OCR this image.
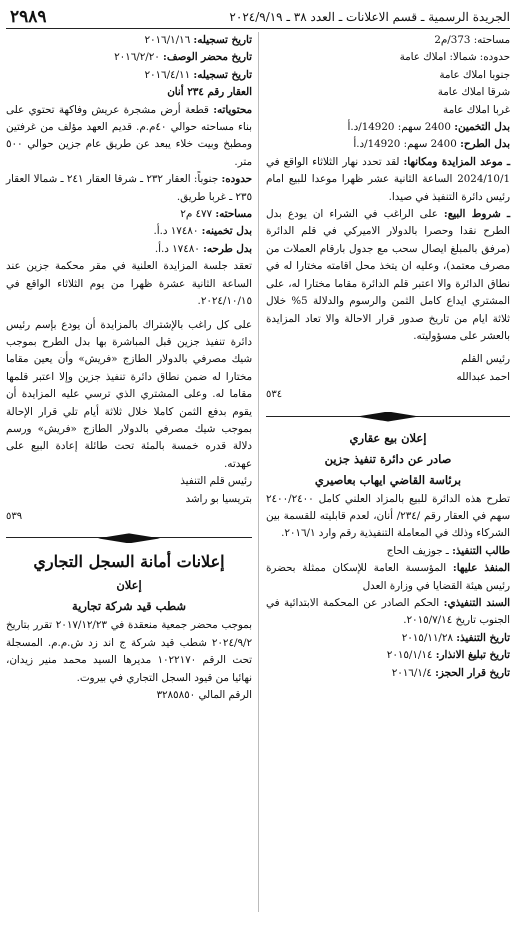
الجريدة الرسمية ـ قسم الاعلانات ـ العدد ٣٨ ـ ٢٠٢٤/٩/١٩
٢٩٨٩

مساحته: 373/م2

حدوده: شمالا: املاك عامة

جنوبا املاك عامة

شرقا املاك عامة

غربا املاك عامة

بدل التخمين: 2400 سهم: 14920/د.أ

بدل الطرح: 2400 سهم: 14920/د.أ

ـ موعد المزايدة ومكانها: لقد تحدد نهار الثلاثاء الواقع في 2024/10/1 الساعة الثانية عشر ظهرا موعدا للبيع امام رئيس دائرة التنفيذ في صيدا.

ـ شروط البيع: على الراغب في الشراء ان يودع بدل الطرح نقدا وحصرا بالدولار الاميركي في قلم الدائرة (مرفق بالمبلغ ايصال سحب مع جدول بارقام العملات من مصرف معتمد)، وعليه ان يتخذ محل اقامته مختارا له في نطاق الدائرة والا اعتبر قلم الدائرة مقاما مختارا له، على المشتري ايداع كامل الثمن والرسوم والدلالة 5% خلال ثلاثة ايام من تاريخ صدور قرار الاحالة والا تعاد المزايدة بالعشر على مسؤوليته.

رئيس القلم

احمد عبدالله

٥٣٤

إعلان بيع عقاري

صادر عن دائرة تنفيذ جزين

برئاسة القاضي ايهاب بعاصيري

تطرح هذه الدائرة للبيع بالمزاد العلني كامل ٢٤٠٠/٢٤٠٠ سهم في العقار رقم /٢٣٤/ أنان، لعدم قابليته للقسمة بين الشركاء وذلك في المعاملة التنفيذية رقم وارد ٢٠١٦/١.

طالب التنفيذ: ـ جوزيف الحاج

المنفذ عليها: المؤسسة العامة للإسكان ممثلة بحضرة رئيس هيئة القضايا في وزارة العدل

السند التنفيذي: الحكم الصادر عن المحكمة الابتدائية في الجنوب تاريخ ٢٠١٥/٧/١٤.

تاريخ التنفيذ: ٢٠١٥/١١/٢٨

تاريخ تبليغ الانذار: ٢٠١٥/١/١٤

تاريخ قرار الحجز: ٢٠١٦/١/٤

تاريخ تسجيله: ٢٠١٦/١/١٦

تاريخ محضر الوصف: ٢٠١٦/٢/٢٠

تاريخ تسجيله: ٢٠١٦/٤/١١

العقار رقم ٢٣٤ أنان

محتوياته: قطعة أرض مشجرة عريش وفاكهة تحتوي على بناء مساحته حوالي ٤٠م.م. قديم العهد مؤلف من غرفتين ومطبخ وبيت خلاء يبعد عن طريق عام جزين حوالي ٥٠٠ متر.

حدوده: جنوباً: العقار ٢٣٢ ـ شرقا العقار ٢٤١ ـ شمالا العقار ٢٣٥ ـ غربا طريق.

مساحته: ٤٧٧ م٢

بدل تخمينه: ١٧٤٨٠ د.أ.

بدل طرحه: ١٧٤٨٠ د.أ.

تعقد جلسة المزايدة العلنية في مقر محكمة جزين عند الساعة الثانية عشرة ظهرا من يوم الثلاثاء الواقع في ٢٠٢٤/١٠/١٥.

على كل راغب بالإشتراك بالمزايدة أن يودع بإسم رئيس دائرة تنفيذ جزين قبل المباشرة بها بدل الطرح بموجب شيك مصرفي بالدولار الطازج «فريش» وأن يعين مقاما مختارا له ضمن نطاق دائرة تنفيذ جزين وإلا اعتبر قلمها مقاما له. وعلى المشتري الذي ترسي عليه المزايدة أن يقوم بدفع الثمن كاملا خلال ثلاثة أيام تلي قرار الإحالة بموجب شيك مصرفي بالدولار الطازج «فريش» ورسم دلالة قدره خمسة بالمئة تحت طائلة إعادة البيع على عهدته.

رئيس قلم التنفيذ

بتريسيا بو راشد

٥٣٩

إعلانات أمانة السجل التجاري

إعلان

شطب قيد شركة تجارية

بموجب محضر جمعية منعقدة في ٢٠١٧/١٢/٢٣ تقرر بتاريخ ٢٠٢٤/٩/٢ شطب قيد شركة ج اند زد ش.م.م. المسجلة تحت الرقم ١٠٢٢١٧٠ مديرها السيد محمد منير زيدان، نهائيا من قيود السجل التجاري في بيروت.

الرقم المالي ٣٢٨٥٨٥٠
